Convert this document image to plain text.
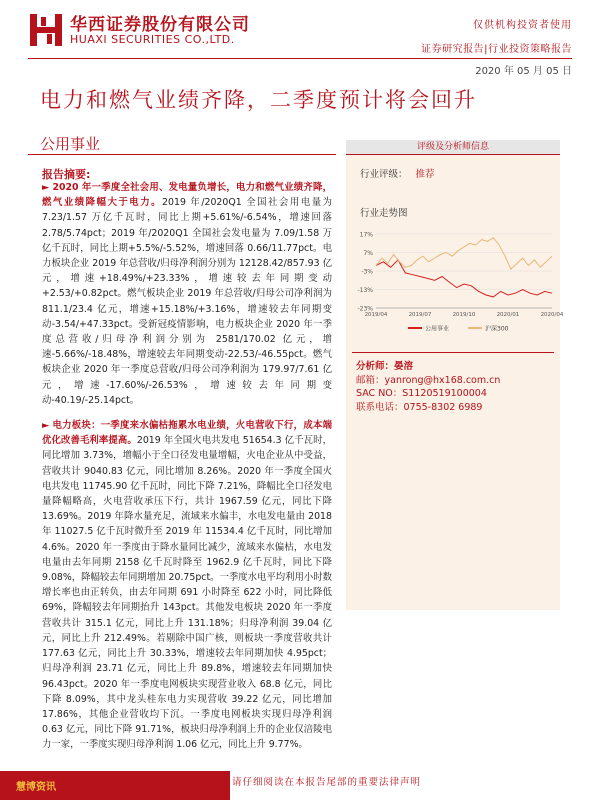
华西证券股份有限公司
HUAXI SECURITIES CO.,LTD.
仅供机构投资者使用
证券研究报告|行业投资策略报告
2020 年 05 月 05 日
电力和燃气业绩齐降，二季度预计将会回升
公用事业
报告摘要:

► 2020 年一季度全社会用、发电量负增长，电力和燃气业绩齐降，燃气业绩降幅大于电力。2019 年/2020Q1 全国社会用电量为 7.23/1.57 万亿千瓦时，同比上期+5.61%/-6.54%，增速回落 2.78/5.74pct；2019 年/2020Q1 全国社会发电量为 7.09/1.58 万亿千瓦时，同比上期+5.5%/-5.52%，增速回落 0.66/11.77pct。电力板块企业 2019 年总营收/归母净利润分别为 12128.42/857.93 亿元，增速+18.49%/+23.33%，增速较去年同期变动+2.53/+0.82pct。燃气板块企业 2019 年总营收/归母公司净利润为 811.1/23.4 亿元，增速+15.18%/+3.16%，增速较去年同期变动-3.54/+47.33pct。受新冠疫情影响，电力板块企业 2020 年一季度总营收/归母净利润分别为 2581/170.02 亿元，增速-5.66%/-18.48%，增速较去年同期变动-22.53/-46.55pct。燃气板块企业 2020 年一季度总营收/归母公司净利润为 179.97/7.61 亿元，增速-17.60%/-26.53%，增速较去年同期变动-40.19/-25.14pct。

► 电力板块：一季度来水偏枯拖累水电业绩，火电营收下行，成本端优化改善毛利率提高。2019 年全国火电共发电 51654.3 亿千瓦时，同比增加 3.73%，增幅小于全口径发电量增幅，火电企业从中受益，营收共计 9040.83 亿元，同比增加 8.26%。2020 年一季度全国火电共发电 11745.90 亿千瓦时，同比下降 7.21%，降幅比全口径发电量降幅略高，火电营收承压下行，共计 1967.59 亿元，同比下降 13.69%。2019 年降水量充足，流域来水偏丰，水电发电量由 2018 年 11027.5 亿千瓦时微升至 2019 年 11534.4 亿千瓦时，同比增加 4.6%。2020 年一季度由于降水量同比减少，流域来水偏枯，水电发电量由去年同期 2158 亿千瓦时降至 1962.9 亿千瓦时，同比下降 9.08%，降幅较去年同期增加 20.75pct。一季度水电平均利用小时数增长率也由正转负，由去年同期 691 小时降至 622 小时，同比降低 69%，降幅较去年同期抬升 143pct。其他发电板块 2020 年一季度营收共计 315.1 亿元，同比上升 131.18%；归母净利润 39.04 亿元，同比上升 212.49%。若剔除中国广核，则板块一季度营收共计 177.63 亿元，同比上升 30.33%，增速较去年同期加快 4.95pct；归母净利润 23.71 亿元，同比上升 89.8%，增速较去年同期加快 96.43pct。2020 年一季度电网板块实现营业收入 68.8 亿元，同比下降 8.09%，其中龙头桂东电力实现营收 39.22 亿元，同比增加 17.86%，其他企业营收均下沉。一季度电网板块实现归母净利润 0.63 亿元，同比下降 91.71%，板块归母净利润上升的企业仅涪陵电力一家，一季度实现归母净利润 1.06 亿元，同比上升 9.77%。

评级及分析师信息
行业评级： 推荐
行业走势图
17%
7%
-3%
-13%
-23%
2019/04	2019/07	2019/10	2020/01	2020/04
公用事业	沪深300
分析师：晏溶
邮箱：yanrong@hx168.com.cn
SAC NO：S1120519100004
联系电话：0755-8302 6989
慧博资讯	请仔细阅读在本报告尾部的重要法律声明
